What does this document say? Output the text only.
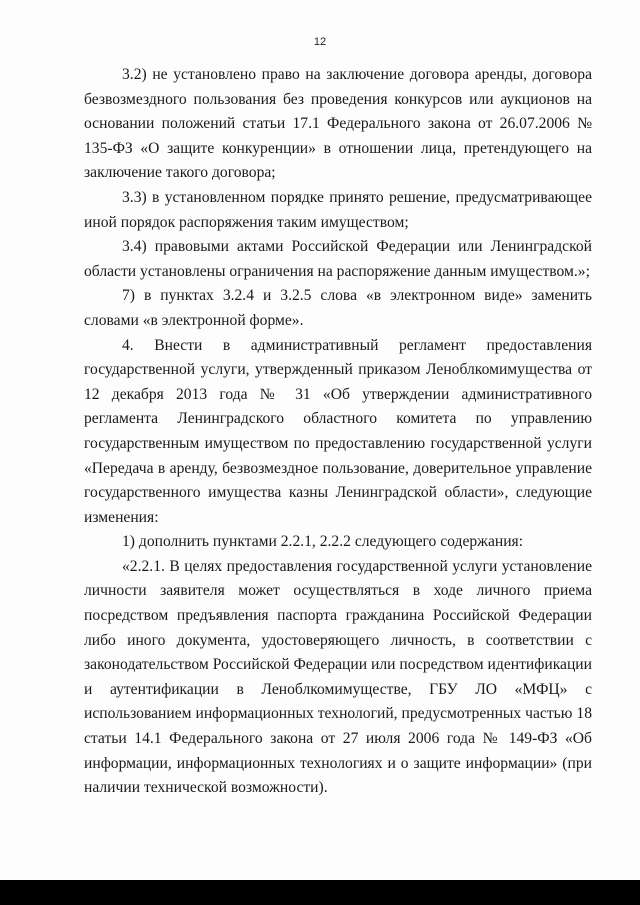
12

3.2) не установлено право на заключение договора аренды, договора безвозмездного пользования без проведения конкурсов или аукционов на основании положений статьи 17.1 Федерального закона от 26.07.2006 № 135-ФЗ «О защите конкуренции» в отношении лица, претендующего на заключение такого договора;

3.3) в установленном порядке принято решение, предусматривающее иной порядок распоряжения таким имуществом;

3.4) правовыми актами Российской Федерации или Ленинградской области установлены ограничения на распоряжение данным имуществом.»;

7) в пунктах 3.2.4 и 3.2.5 слова «в электронном виде» заменить словами «в электронной форме».

4. Внести в административный регламент предоставления государственной услуги, утвержденный приказом Леноблкомимущества от 12 декабря 2013 года № 31 «Об утверждении административного регламента Ленинградского областного комитета по управлению государственным имуществом по предоставлению государственной услуги «Передача в аренду, безвозмездное пользование, доверительное управление государственного имущества казны Ленинградской области», следующие изменения:

1) дополнить пунктами 2.2.1, 2.2.2 следующего содержания:

«2.2.1. В целях предоставления государственной услуги установление личности заявителя может осуществляться в ходе личного приема посредством предъявления паспорта гражданина Российской Федерации либо иного документа, удостоверяющего личность, в соответствии с законодательством Российской Федерации или посредством идентификации и аутентификации в Леноблкомимуществе, ГБУ ЛО «МФЦ» с использованием информационных технологий, предусмотренных частью 18 статьи 14.1 Федерального закона от 27 июля 2006 года № 149-ФЗ «Об информации, информационных технологиях и о защите информации» (при наличии технической возможности).
